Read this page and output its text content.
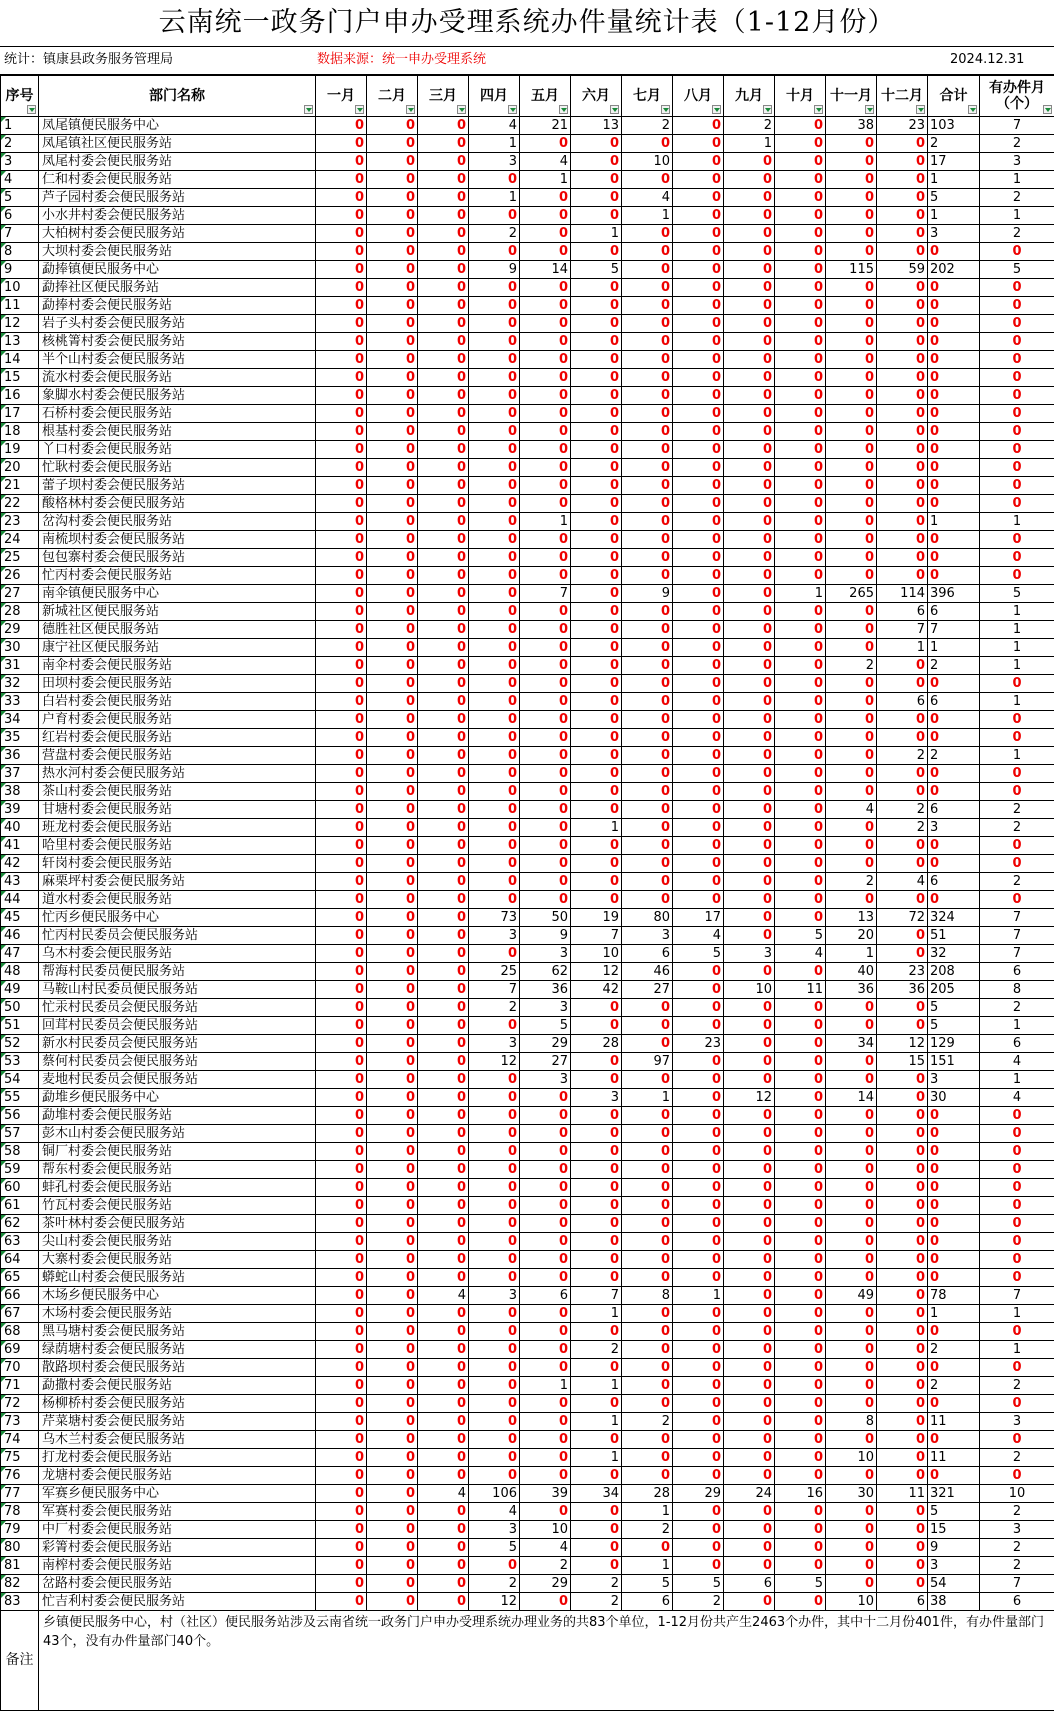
云南统一政务门户申办受理系统办件量统计表（1-12月份）
统计：镇康县政务服务管理局	数据来源：统一申办受理系统	2024.12.31
序号	部门名称	一月	二月	三月	四月	五月	六月	七月	八月	九月	十月	十一月	十二月	合计	有办件月（个）

1	凤尾镇便民服务中心	0	0	0	4	21	13	2	0	2	0	38	23	103	7
2	凤尾镇社区便民服务站	0	0	0	1	0	0	0	0	1	0	0	0	2	2
3	凤尾村委会便民服务站	0	0	0	3	4	0	10	0	0	0	0	0	17	3
4	仁和村委会便民服务站	0	0	0	0	1	0	0	0	0	0	0	0	1	1
5	芦子园村委会便民服务站	0	0	0	1	0	0	4	0	0	0	0	0	5	2
6	小水井村委会便民服务站	0	0	0	0	0	0	1	0	0	0	0	0	1	1
7	大柏树村委会便民服务站	0	0	0	2	0	1	0	0	0	0	0	0	3	2
8	大坝村委会便民服务站	0	0	0	0	0	0	0	0	0	0	0	0	0	0
9	勐捧镇便民服务中心	0	0	0	9	14	5	0	0	0	0	115	59	202	5
10	勐捧社区便民服务站	0	0	0	0	0	0	0	0	0	0	0	0	0	0
11	勐捧村委会便民服务站	0	0	0	0	0	0	0	0	0	0	0	0	0	0
12	岩子头村委会便民服务站	0	0	0	0	0	0	0	0	0	0	0	0	0	0
13	核桃箐村委会便民服务站	0	0	0	0	0	0	0	0	0	0	0	0	0	0
14	半个山村委会便民服务站	0	0	0	0	0	0	0	0	0	0	0	0	0	0
15	流水村委会便民服务站	0	0	0	0	0	0	0	0	0	0	0	0	0	0
16	象脚水村委会便民服务站	0	0	0	0	0	0	0	0	0	0	0	0	0	0
17	石桥村委会便民服务站	0	0	0	0	0	0	0	0	0	0	0	0	0	0
18	根基村委会便民服务站	0	0	0	0	0	0	0	0	0	0	0	0	0	0
19	丫口村委会便民服务站	0	0	0	0	0	0	0	0	0	0	0	0	0	0
20	忙耿村委会便民服务站	0	0	0	0	0	0	0	0	0	0	0	0	0	0
21	蕾子坝村委会便民服务站	0	0	0	0	0	0	0	0	0	0	0	0	0	0
22	酸格林村委会便民服务站	0	0	0	0	0	0	0	0	0	0	0	0	0	0
23	岔沟村委会便民服务站	0	0	0	0	1	0	0	0	0	0	0	0	1	1
24	南梳坝村委会便民服务站	0	0	0	0	0	0	0	0	0	0	0	0	0	0
25	包包寨村委会便民服务站	0	0	0	0	0	0	0	0	0	0	0	0	0	0
26	忙丙村委会便民服务站	0	0	0	0	0	0	0	0	0	0	0	0	0	0
27	南伞镇便民服务中心	0	0	0	0	7	0	9	0	0	1	265	114	396	5
28	新城社区便民服务站	0	0	0	0	0	0	0	0	0	0	0	6	6	1
29	德胜社区便民服务站	0	0	0	0	0	0	0	0	0	0	0	7	7	1
30	康宁社区便民服务站	0	0	0	0	0	0	0	0	0	0	0	1	1	1
31	南伞村委会便民服务站	0	0	0	0	0	0	0	0	0	0	2	0	2	1
32	田坝村委会便民服务站	0	0	0	0	0	0	0	0	0	0	0	0	0	0
33	白岩村委会便民服务站	0	0	0	0	0	0	0	0	0	0	0	6	6	1
34	户育村委会便民服务站	0	0	0	0	0	0	0	0	0	0	0	0	0	0
35	红岩村委会便民服务站	0	0	0	0	0	0	0	0	0	0	0	0	0	0
36	营盘村委会便民服务站	0	0	0	0	0	0	0	0	0	0	0	2	2	1
37	热水河村委会便民服务站	0	0	0	0	0	0	0	0	0	0	0	0	0	0
38	茶山村委会便民服务站	0	0	0	0	0	0	0	0	0	0	0	0	0	0
39	甘塘村委会便民服务站	0	0	0	0	0	0	0	0	0	0	4	2	6	2
40	班龙村委会便民服务站	0	0	0	0	0	1	0	0	0	0	0	2	3	2
41	哈里村委会便民服务站	0	0	0	0	0	0	0	0	0	0	0	0	0	0
42	轩岗村委会便民服务站	0	0	0	0	0	0	0	0	0	0	0	0	0	0
43	麻栗坪村委会便民服务站	0	0	0	0	0	0	0	0	0	0	2	4	6	2
44	道水村委会便民服务站	0	0	0	0	0	0	0	0	0	0	0	0	0	0
45	忙丙乡便民服务中心	0	0	0	73	50	19	80	17	0	0	13	72	324	7
46	忙丙村民委员会便民服务站	0	0	0	3	9	7	3	4	0	5	20	0	51	7
47	乌木村委会便民服务站	0	0	0	0	3	10	6	5	3	4	1	0	32	7
48	帮海村民委员便民服务站	0	0	0	25	62	12	46	0	0	0	40	23	208	6
49	马鞍山村民委员便民服务站	0	0	0	7	36	42	27	0	10	11	36	36	205	8
50	忙汞村民委员会便民服务站	0	0	0	2	3	0	0	0	0	0	0	0	5	2
51	回茸村民委员会便民服务站	0	0	0	0	5	0	0	0	0	0	0	0	5	1
52	新水村民委员会便民服务站	0	0	0	3	29	28	0	23	0	0	34	12	129	6
53	蔡何村民委员会便民服务站	0	0	0	12	27	0	97	0	0	0	0	15	151	4
54	麦地村民委员会便民服务站	0	0	0	0	3	0	0	0	0	0	0	0	3	1
55	勐堆乡便民服务中心	0	0	0	0	0	3	1	0	12	0	14	0	30	4
56	勐堆村委会便民服务站	0	0	0	0	0	0	0	0	0	0	0	0	0	0
57	彭木山村委会便民服务站	0	0	0	0	0	0	0	0	0	0	0	0	0	0
58	铜厂村委会便民服务站	0	0	0	0	0	0	0	0	0	0	0	0	0	0
59	帮东村委会便民服务站	0	0	0	0	0	0	0	0	0	0	0	0	0	0
60	蚌孔村委会便民服务站	0	0	0	0	0	0	0	0	0	0	0	0	0	0
61	竹瓦村委会便民服务站	0	0	0	0	0	0	0	0	0	0	0	0	0	0
62	茶叶林村委会便民服务站	0	0	0	0	0	0	0	0	0	0	0	0	0	0
63	尖山村委会便民服务站	0	0	0	0	0	0	0	0	0	0	0	0	0	0
64	大寨村委会便民服务站	0	0	0	0	0	0	0	0	0	0	0	0	0	0
65	蟒蛇山村委会便民服务站	0	0	0	0	0	0	0	0	0	0	0	0	0	0
66	木场乡便民服务中心	0	0	4	3	6	7	8	1	0	0	49	0	78	7
67	木场村委会便民服务站	0	0	0	0	0	1	0	0	0	0	0	0	1	1
68	黑马塘村委会便民服务站	0	0	0	0	0	0	0	0	0	0	0	0	0	0
69	绿荫塘村委会便民服务站	0	0	0	0	0	2	0	0	0	0	0	0	2	1
70	散路坝村委会便民服务站	0	0	0	0	0	0	0	0	0	0	0	0	0	0
71	勐撒村委会便民服务站	0	0	0	0	1	1	0	0	0	0	0	0	2	2
72	杨柳桥村委会便民服务站	0	0	0	0	0	0	0	0	0	0	0	0	0	0
73	芹菜塘村委会便民服务站	0	0	0	0	0	1	2	0	0	0	8	0	11	3
74	乌木兰村委会便民服务站	0	0	0	0	0	0	0	0	0	0	0	0	0	0
75	打龙村委会便民服务站	0	0	0	0	0	1	0	0	0	0	10	0	11	2
76	龙塘村委会便民服务站	0	0	0	0	0	0	0	0	0	0	0	0	0	0
77	军赛乡便民服务中心	0	0	4	106	39	34	28	29	24	16	30	11	321	10
78	军赛村委会便民服务站	0	0	0	4	0	0	1	0	0	0	0	0	5	2
79	中厂村委会便民服务站	0	0	0	3	10	0	2	0	0	0	0	0	15	3
80	彩箐村委会便民服务站	0	0	0	5	4	0	0	0	0	0	0	0	9	2
81	南榨村委会便民服务站	0	0	0	0	2	0	1	0	0	0	0	0	3	2
82	岔路村委会便民服务站	0	0	0	2	29	2	5	5	6	5	0	0	54	7
83	忙吉利村委会便民服务站	0	0	0	12	0	2	6	2	0	0	10	6	38	6
备注	乡镇便民服务中心，村（社区）便民服务站涉及云南省统一政务门户申办受理系统办理业务的共83个单位，1-12月份共产生2463个办件，其中十二月份401件，有办件量部门43个，没有办件量部门40个。														
